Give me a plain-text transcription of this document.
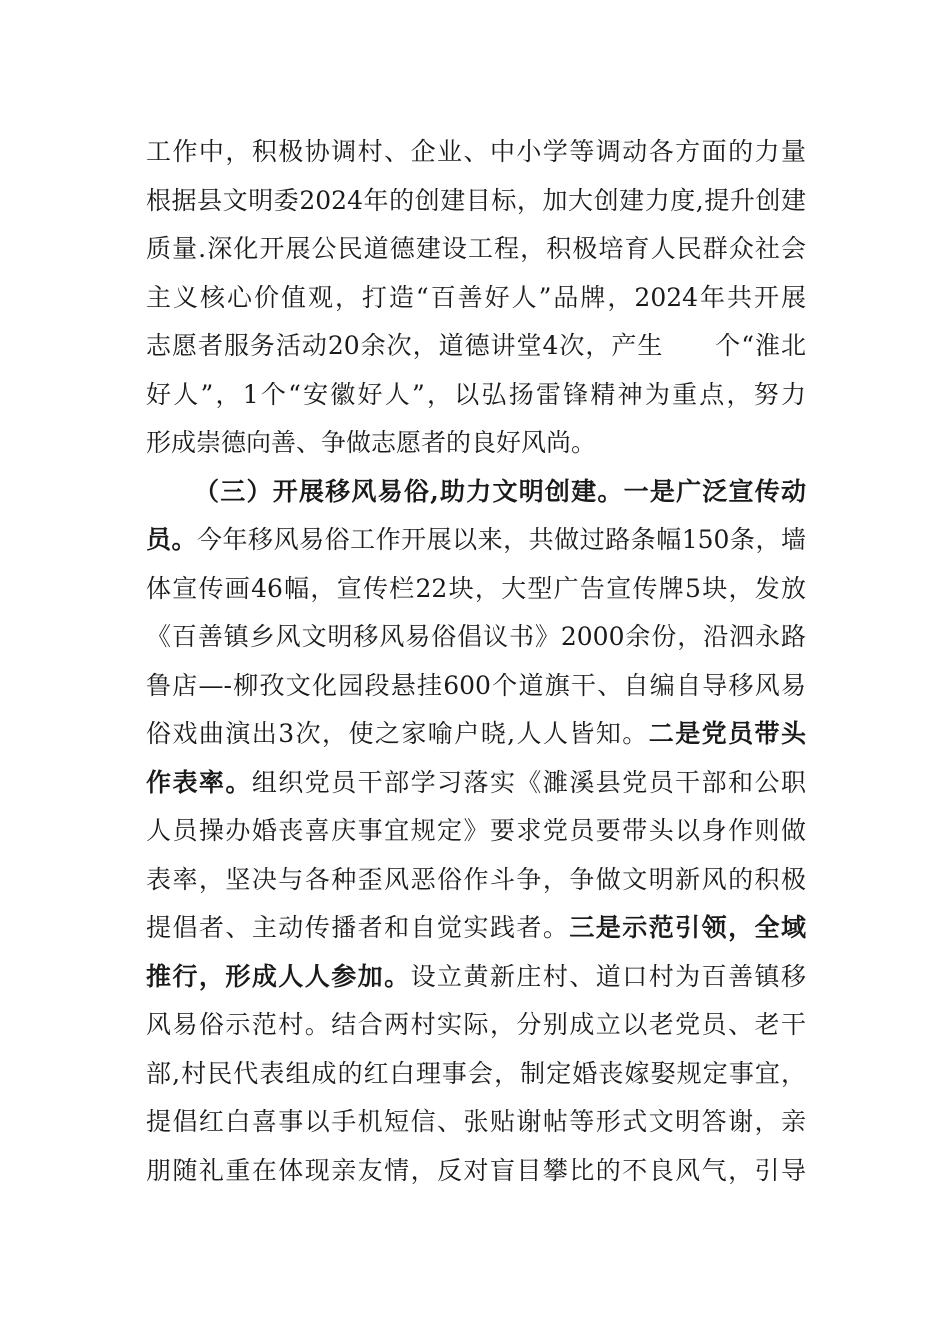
工作中，积极协调村、企业、中小学等调动各方面的力量
根据县文明委2024年的创建目标，加大创建力度,提升创建
质量.深化开展公民道德建设工程，积极培育人民群众社会
主义核心价值观，打造“百善好人”品牌，2024年共开展
志愿者服务活动20余次，道德讲堂4次，产生　　个“淮北
好人”，1个“安徽好人”，以弘扬雷锋精神为重点，努力
形成崇德向善、争做志愿者的良好风尚。
（三）开展移风易俗,助力文明创建。一是广泛宣传动
员。今年移风易俗工作开展以来，共做过路条幅150条，墙
体宣传画46幅，宣传栏22块，大型广告宣传牌5块，发放
《百善镇乡风文明移风易俗倡议书》2000余份，沿泗永路
鲁店—-柳孜文化园段悬挂600个道旗干、自编自导移风易
俗戏曲演出3次，使之家喻户晓,人人皆知。二是党员带头
作表率。组织党员干部学习落实《濉溪县党员干部和公职
人员操办婚丧喜庆事宜规定》要求党员要带头以身作则做
表率，坚决与各种歪风恶俗作斗争，争做文明新风的积极
提倡者、主动传播者和自觉实践者。三是示范引领，全域
推行，形成人人参加。设立黄新庄村、道口村为百善镇移
风易俗示范村。结合两村实际，分别成立以老党员、老干
部,村民代表组成的红白理事会，制定婚丧嫁娶规定事宜，
提倡红白喜事以手机短信、张贴谢帖等形式文明答谢，亲
朋随礼重在体现亲友情，反对盲目攀比的不良风气，引导
